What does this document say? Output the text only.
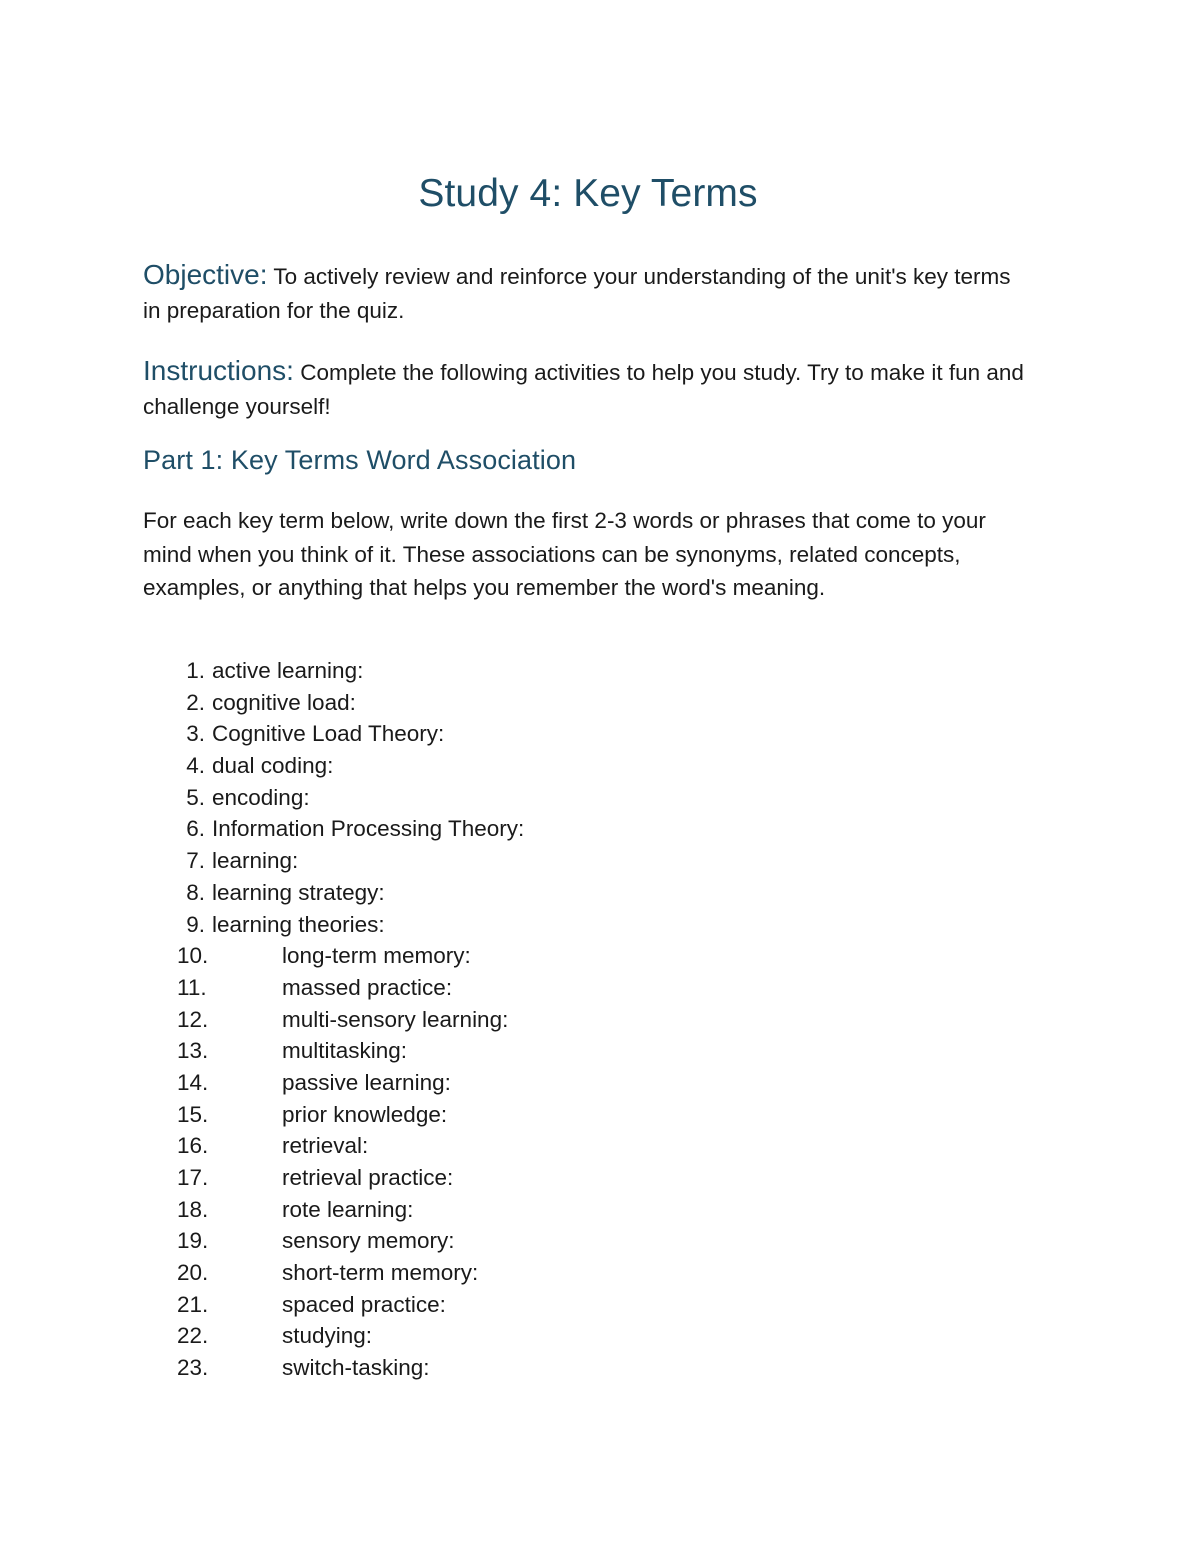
Study 4: Key Terms

Objective: To actively review and reinforce your understanding of the unit's key terms in preparation for the quiz.

Instructions: Complete the following activities to help you study. Try to make it fun and challenge yourself!

Part 1: Key Terms Word Association

For each key term below, write down the first 2-3 words or phrases that come to your mind when you think of it. These associations can be synonyms, related concepts, examples, or anything that helps you remember the word's meaning.

1. active learning:
2. cognitive load:
3. Cognitive Load Theory:
4. dual coding:
5. encoding:
6. Information Processing Theory:
7. learning:
8. learning strategy:
9. learning theories:
10.	long-term memory:
11.	massed practice:
12.	multi-sensory learning:
13.	multitasking:
14.	passive learning:
15.	prior knowledge:
16.	retrieval:
17.	retrieval practice:
18.	rote learning:
19.	sensory memory:
20.	short-term memory:
21.	spaced practice:
22.	studying:
23.	switch-tasking:
